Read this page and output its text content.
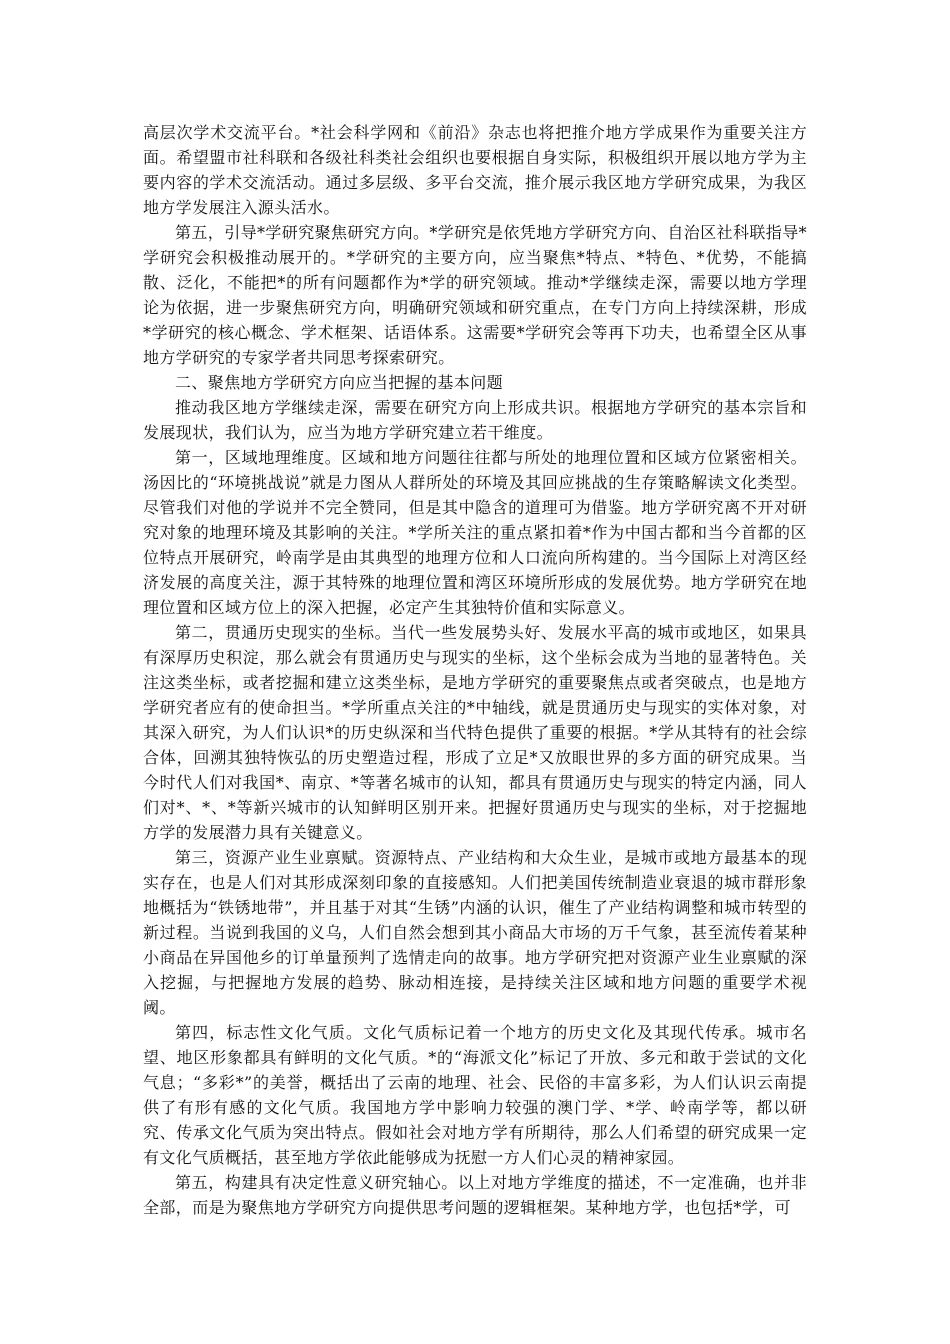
高层次学术交流平台。*社会科学网和《前沿》杂志也将把推介地方学成果作为重要关注方面。希望盟市社科联和各级社科类社会组织也要根据自身实际，积极组织开展以地方学为主要内容的学术交流活动。通过多层级、多平台交流，推介展示我区地方学研究成果，为我区地方学发展注入源头活水。

第五，引导*学研究聚焦研究方向。*学研究是依凭地方学研究方向、自治区社科联指导*学研究会积极推动展开的。*学研究的主要方向，应当聚焦*特点、*特色、*优势，不能搞散、泛化，不能把*的所有问题都作为*学的研究领域。推动*学继续走深，需要以地方学理论为依据，进一步聚焦研究方向，明确研究领域和研究重点，在专门方向上持续深耕，形成*学研究的核心概念、学术框架、话语体系。这需要*学研究会等再下功夫，也希望全区从事地方学研究的专家学者共同思考探索研究。

二、聚焦地方学研究方向应当把握的基本问题

推动我区地方学继续走深，需要在研究方向上形成共识。根据地方学研究的基本宗旨和发展现状，我们认为，应当为地方学研究建立若干维度。

第一，区域地理维度。区域和地方问题往往都与所处的地理位置和区域方位紧密相关。汤因比的“环境挑战说”就是力图从人群所处的环境及其回应挑战的生存策略解读文化类型。尽管我们对他的学说并不完全赞同，但是其中隐含的道理可为借鉴。地方学研究离不开对研究对象的地理环境及其影响的关注。*学所关注的重点紧扣着*作为中国古都和当今首都的区位特点开展研究，岭南学是由其典型的地理方位和人口流向所构建的。当今国际上对湾区经济发展的高度关注，源于其特殊的地理位置和湾区环境所形成的发展优势。地方学研究在地理位置和区域方位上的深入把握，必定产生其独特价值和实际意义。

第二，贯通历史现实的坐标。当代一些发展势头好、发展水平高的城市或地区，如果具有深厚历史积淀，那么就会有贯通历史与现实的坐标，这个坐标会成为当地的显著特色。关注这类坐标，或者挖掘和建立这类坐标，是地方学研究的重要聚焦点或者突破点，也是地方学研究者应有的使命担当。*学所重点关注的*中轴线，就是贯通历史与现实的实体对象，对其深入研究，为人们认识*的历史纵深和当代特色提供了重要的根据。*学从其特有的社会综合体，回溯其独特恢弘的历史塑造过程，形成了立足*又放眼世界的多方面的研究成果。当今时代人们对我国*、南京、*等著名城市的认知，都具有贯通历史与现实的特定内涵，同人们对*、*、*等新兴城市的认知鲜明区别开来。把握好贯通历史与现实的坐标，对于挖掘地方学的发展潜力具有关键意义。

第三，资源产业生业禀赋。资源特点、产业结构和大众生业，是城市或地方最基本的现实存在，也是人们对其形成深刻印象的直接感知。人们把美国传统制造业衰退的城市群形象地概括为“铁锈地带”，并且基于对其“生锈”内涵的认识，催生了产业结构调整和城市转型的新过程。当说到我国的义乌，人们自然会想到其小商品大市场的万千气象，甚至流传着某种小商品在异国他乡的订单量预判了选情走向的故事。地方学研究把对资源产业生业禀赋的深入挖掘，与把握地方发展的趋势、脉动相连接，是持续关注区域和地方问题的重要学术视阈。

第四，标志性文化气质。文化气质标记着一个地方的历史文化及其现代传承。城市名望、地区形象都具有鲜明的文化气质。*的“海派文化”标记了开放、多元和敢于尝试的文化气息；“多彩*”的美誉，概括出了云南的地理、社会、民俗的丰富多彩，为人们认识云南提供了有形有感的文化气质。我国地方学中影响力较强的澳门学、*学、岭南学等，都以研究、传承文化气质为突出特点。假如社会对地方学有所期待，那么人们希望的研究成果一定有文化气质概括，甚至地方学依此能够成为抚慰一方人们心灵的精神家园。

第五，构建具有决定性意义研究轴心。以上对地方学维度的描述，不一定准确，也并非全部，而是为聚焦地方学研究方向提供思考问题的逻辑框架。某种地方学，也包括*学，可
